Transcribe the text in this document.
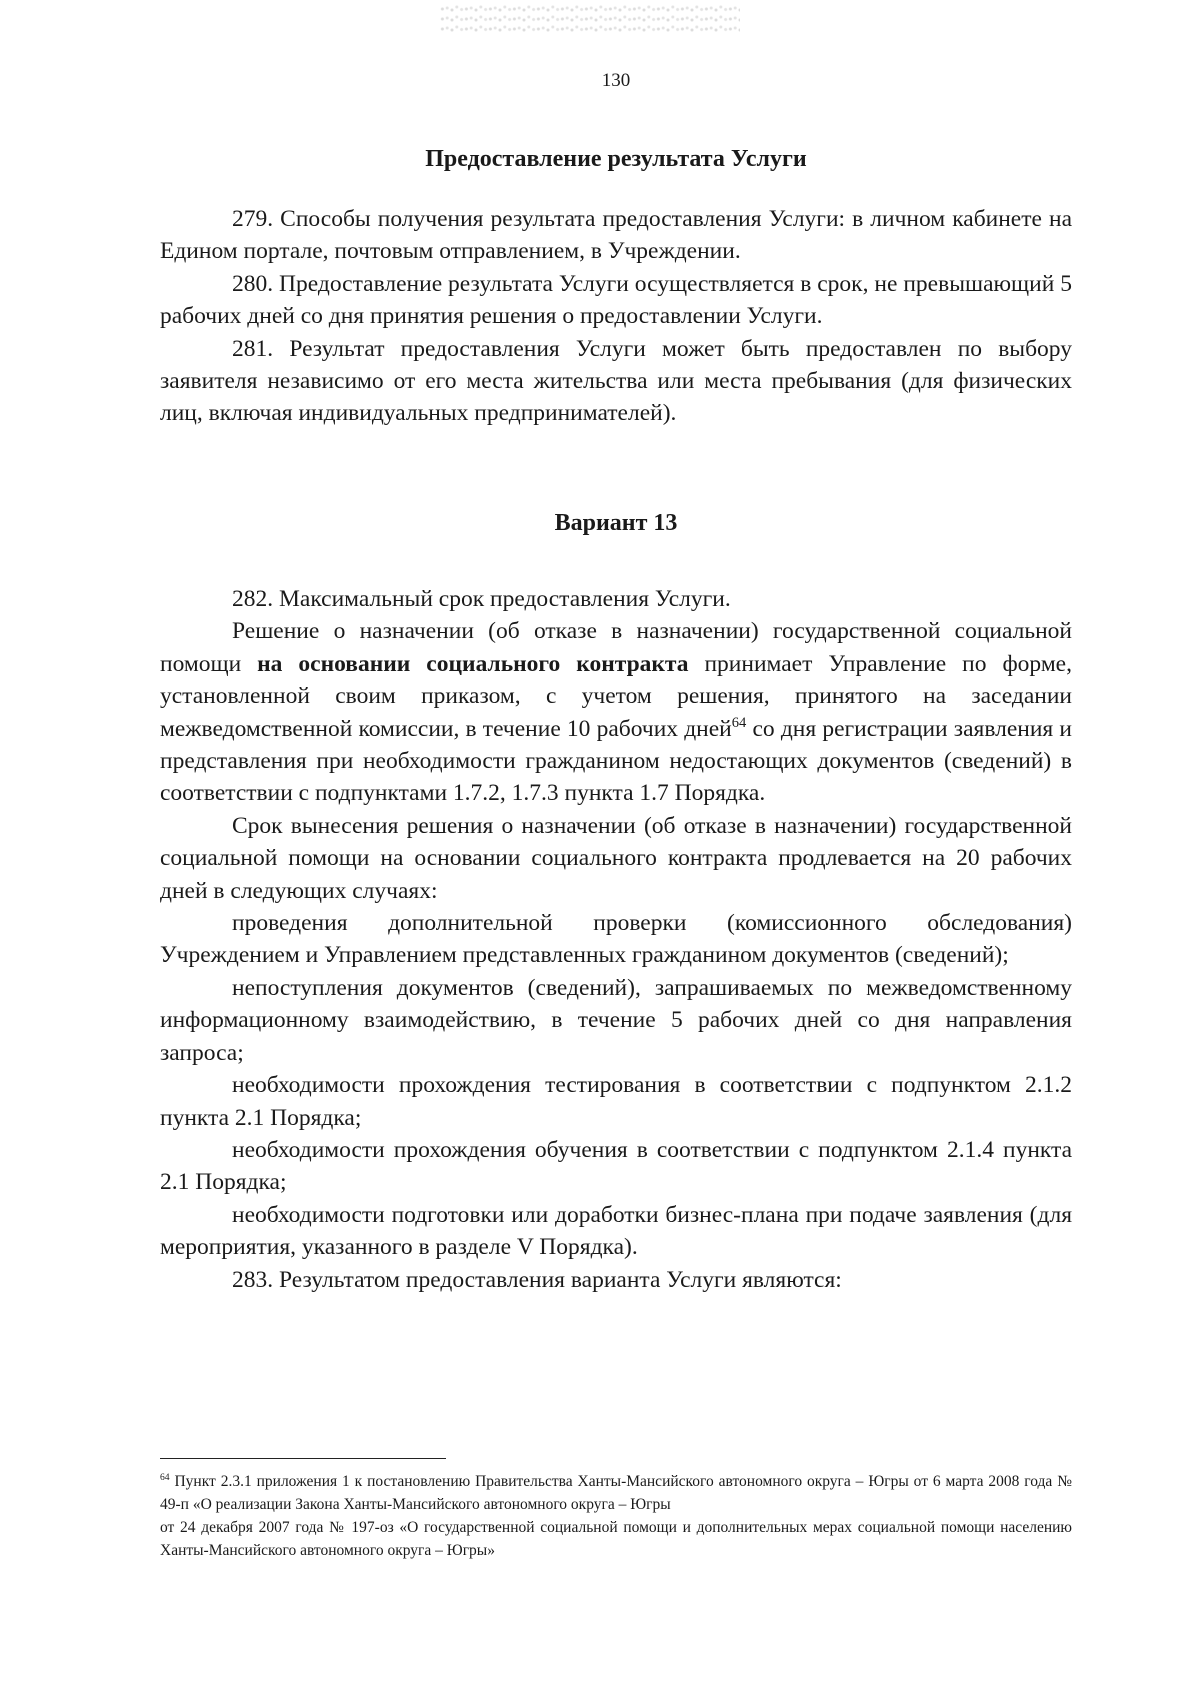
130
Предоставление результата Услуги

279. Способы получения результата предоставления Услуги: в личном кабинете на Едином портале, почтовым отправлением, в Учреждении.

280. Предоставление результата Услуги осуществляется в срок, не превышающий 5 рабочих дней со дня принятия решения о предоставлении Услуги.

281. Результат предоставления Услуги может быть предоставлен по выбору заявителя независимо от его места жительства или места пребывания (для физических лиц, включая индивидуальных предпринимателей).

Вариант 13

282. Максимальный срок предоставления Услуги.

Решение о назначении (об отказе в назначении) государственной социальной помощи на основании социального контракта принимает Управление по форме, установленной своим приказом, с учетом решения, принятого на заседании межведомственной комиссии, в течение 10 рабочих дней$^{64}$ со дня регистрации заявления и представления при необходимости гражданином недостающих документов (сведений) в соответствии с подпунктами 1.7.2, 1.7.3 пункта 1.7 Порядка.

Срок вынесения решения о назначении (об отказе в назначении) государственной социальной помощи на основании социального контракта продлевается на 20 рабочих дней в следующих случаях:

проведения дополнительной проверки (комиссионного обследования) Учреждением и Управлением представленных гражданином документов (сведений);

непоступления документов (сведений), запрашиваемых по межведомственному информационному взаимодействию, в течение 5 рабочих дней со дня направления запроса;

необходимости прохождения тестирования в соответствии с подпунктом 2.1.2 пункта 2.1 Порядка;

необходимости прохождения обучения в соответствии с подпунктом 2.1.4 пункта 2.1 Порядка;

необходимости подготовки или доработки бизнес-плана при подаче заявления (для мероприятия, указанного в разделе V Порядка).

283. Результатом предоставления варианта Услуги являются:

$^{64}$ Пункт 2.3.1 приложения 1 к постановлению Правительства Ханты-Мансийского автономного округа – Югры от 6 марта 2008 года № 49-п «О реализации Закона Ханты-Мансийского автономного округа – Югры

от 24 декабря 2007 года № 197-оз «О государственной социальной помощи и дополнительных мерах социальной помощи населению Ханты-Мансийского автономного округа – Югры»
